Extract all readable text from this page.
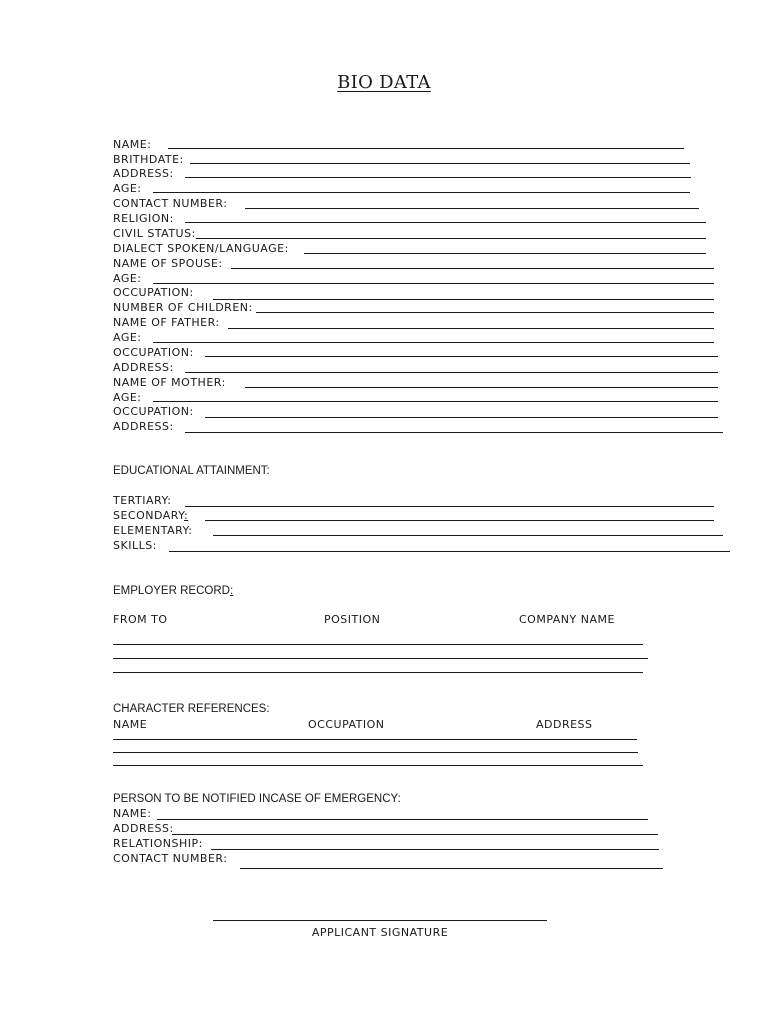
BIO DATA
NAME:
BRITHDATE:
ADDRESS:
AGE:
CONTACT NUMBER:
RELIGION:
CIVIL STATUS:
DIALECT SPOKEN/LANGUAGE:
NAME OF SPOUSE:
AGE:
OCCUPATION:
NUMBER OF CHILDREN:
NAME OF FATHER:
AGE:
OCCUPATION:
ADDRESS:
NAME OF MOTHER:
AGE:
OCCUPATION:
ADDRESS:
EDUCATIONAL ATTAINMENT:
TERTIARY:
SECONDARY:
ELEMENTARY:
SKILLS:
EMPLOYER RECORD:
FROM TO	POSITION	COMPANY NAME
CHARACTER REFERENCES:
NAME	OCCUPATION	ADDRESS
PERSON TO BE NOTIFIED INCASE OF EMERGENCY:
NAME:
ADDRESS:
RELATIONSHIP:
CONTACT NUMBER:
APPLICANT SIGNATURE
